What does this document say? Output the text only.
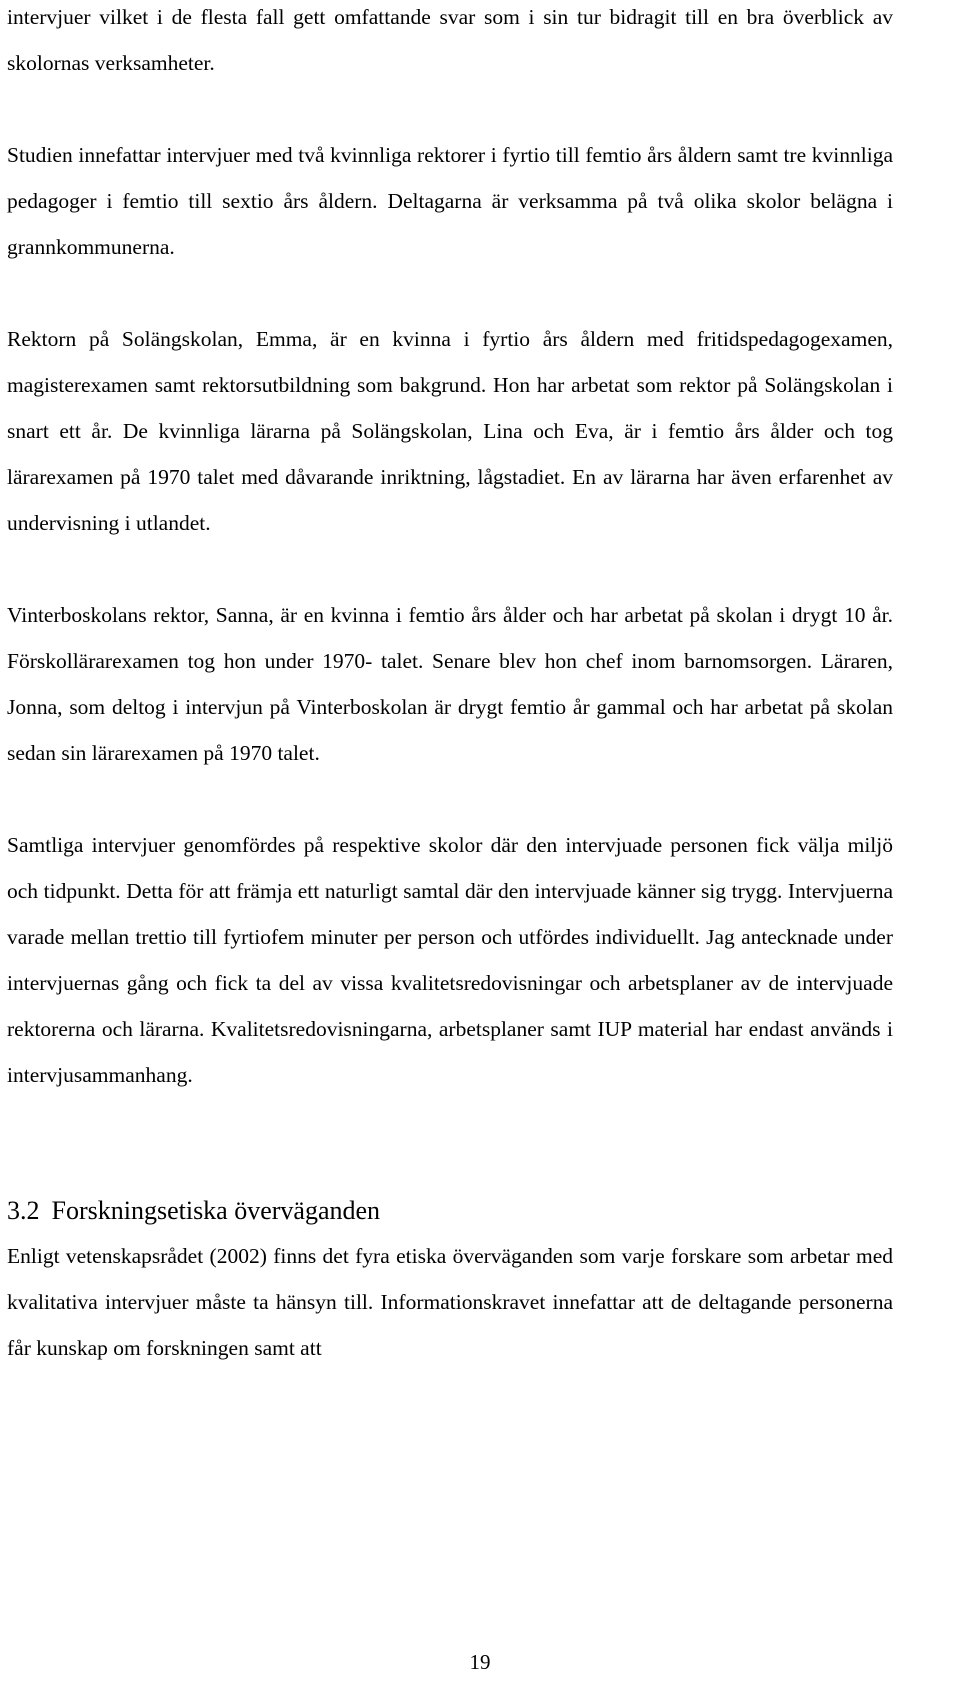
intervjuer vilket i de flesta fall gett omfattande svar som i sin tur bidragit till en bra överblick av skolornas verksamheter.

Studien innefattar intervjuer med två kvinnliga rektorer i fyrtio till femtio års åldern samt tre kvinnliga pedagoger i femtio till sextio års åldern. Deltagarna är verksamma på två olika skolor belägna i grannkommunerna.

Rektorn på Solängskolan, Emma, är en kvinna i fyrtio års åldern med fritidspedagogexamen, magisterexamen samt rektorsutbildning som bakgrund. Hon har arbetat som rektor på Solängskolan i snart ett år. De kvinnliga lärarna på Solängskolan, Lina och Eva, är i femtio års ålder och tog lärarexamen på 1970 talet med dåvarande inriktning, lågstadiet. En av lärarna har även erfarenhet av undervisning i utlandet.

Vinterboskolans rektor, Sanna, är en kvinna i femtio års ålder och har arbetat på skolan i drygt 10 år. Förskollärarexamen tog hon under 1970- talet. Senare blev hon chef inom barnomsorgen. Läraren, Jonna, som deltog i intervjun på Vinterboskolan är drygt femtio år gammal och har arbetat på skolan sedan sin lärarexamen på 1970 talet.

Samtliga intervjuer genomfördes på respektive skolor där den intervjuade personen fick välja miljö och tidpunkt. Detta för att främja ett naturligt samtal där den intervjuade känner sig trygg. Intervjuerna varade mellan trettio till fyrtiofem minuter per person och utfördes individuellt. Jag antecknade under intervjuernas gång och fick ta del av vissa kvalitetsredovisningar och arbetsplaner av de intervjuade rektorerna och lärarna. Kvalitetsredovisningarna, arbetsplaner samt IUP material har endast används i intervjusammanhang.

3.2 Forskningsetiska överväganden

Enligt vetenskapsrådet (2002) finns det fyra etiska överväganden som varje forskare som arbetar med kvalitativa intervjuer måste ta hänsyn till. Informationskravet innefattar att de deltagande personerna får kunskap om forskningen samt att

19
